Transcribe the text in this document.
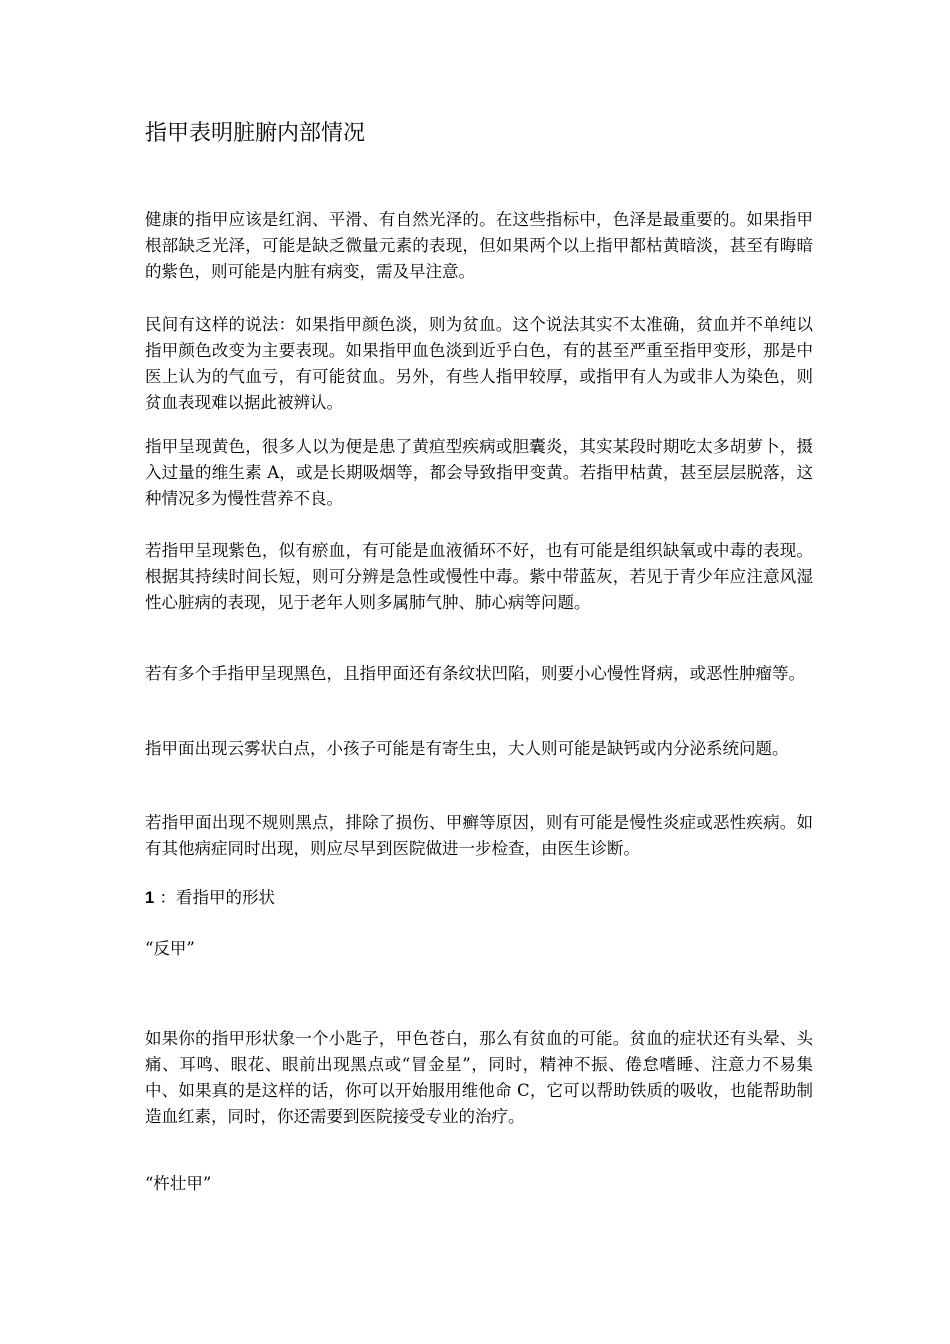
指甲表明脏腑内部情况

健康的指甲应该是红润、平滑、有自然光泽的。在这些指标中，色泽是最重要的。如果指甲根部缺乏光泽，可能是缺乏微量元素的表现，但如果两个以上指甲都枯黄暗淡，甚至有晦暗的紫色，则可能是内脏有病变，需及早注意。

民间有这样的说法：如果指甲颜色淡，则为贫血。这个说法其实不太准确，贫血并不单纯以指甲颜色改变为主要表现。如果指甲血色淡到近乎白色，有的甚至严重至指甲变形，那是中医上认为的气血亏，有可能贫血。另外，有些人指甲较厚，或指甲有人为或非人为染色，则贫血表现难以据此被辨认。

指甲呈现黄色，很多人以为便是患了黄疸型疾病或胆囊炎，其实某段时期吃太多胡萝卜，摄入过量的维生素 A，或是长期吸烟等，都会导致指甲变黄。若指甲枯黄，甚至层层脱落，这种情况多为慢性营养不良。

若指甲呈现紫色，似有瘀血，有可能是血液循环不好，也有可能是组织缺氧或中毒的表现。根据其持续时间长短，则可分辨是急性或慢性中毒。紫中带蓝灰，若见于青少年应注意风湿性心脏病的表现，见于老年人则多属肺气肿、肺心病等问题。

若有多个手指甲呈现黑色，且指甲面还有条纹状凹陷，则要小心慢性肾病，或恶性肿瘤等。

指甲面出现云雾状白点，小孩子可能是有寄生虫，大人则可能是缺钙或内分泌系统问题。

若指甲面出现不规则黑点，排除了损伤、甲癣等原因，则有可能是慢性炎症或恶性疾病。如有其他病症同时出现，则应尽早到医院做进一步检查，由医生诊断。

1 ：看指甲的形状

“反甲”

如果你的指甲形状象一个小匙子，甲色苍白，那么有贫血的可能。贫血的症状还有头晕、头痛、耳鸣、眼花、眼前出现黑点或“冒金星”，同时，精神不振、倦怠嗜睡、注意力不易集中、如果真的是这样的话，你可以开始服用维他命 C，它可以帮助铁质的吸收，也能帮助制造血红素，同时，你还需要到医院接受专业的治疗。

“杵壮甲”
